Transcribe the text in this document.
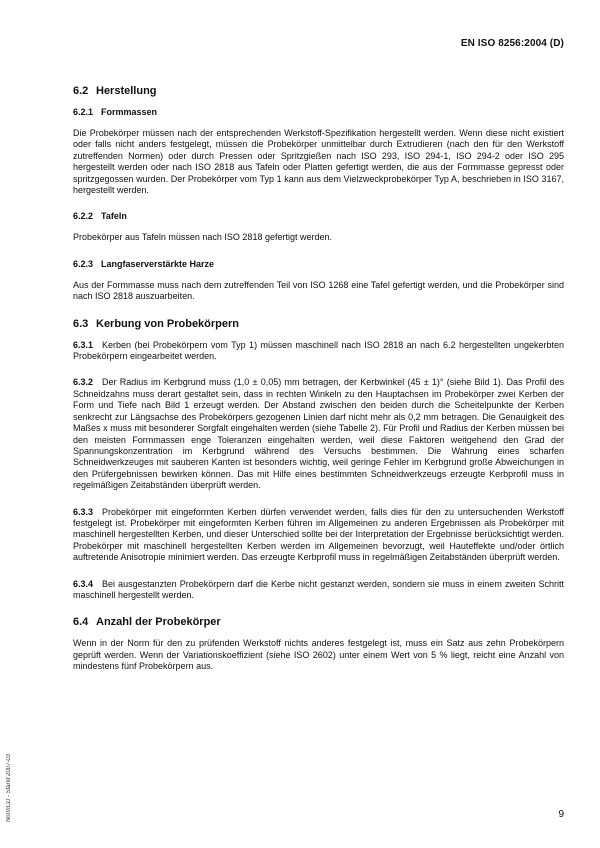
EN ISO 8256:2004 (D)
6.2 Herstellung
6.2.1 Formmassen

Die Probekörper müssen nach der entsprechenden Werkstoff-Spezifikation hergestellt werden. Wenn diese nicht existiert oder falls nicht anders festgelegt, müssen die Probekörper unmittelbar durch Extrudieren (nach den für den Werkstoff zutreffenden Normen) oder durch Pressen oder Spritzgießen nach ISO 293, ISO 294-1, ISO 294-2 oder ISO 295 hergestellt werden oder nach ISO 2818 aus Tafeln oder Platten gefertigt werden, die aus der Formmasse gepresst oder spritzgegossen wurden. Der Probekörper vom Typ 1 kann aus dem Vielzweckprobekörper Typ A, beschrieben in ISO 3167, hergestellt werden.

6.2.2 Tafeln

Probekörper aus Tafeln müssen nach ISO 2818 gefertigt werden.

6.2.3 Langfaserverstärkte Harze

Aus der Formmasse muss nach dem zutreffenden Teil von ISO 1268 eine Tafel gefertigt werden, und die Probekörper sind nach ISO 2818 auszuarbeiten.

6.3 Kerbung von Probekörpern

6.3.1 Kerben (bei Probekörpern vom Typ 1) müssen maschinell nach ISO 2818 an nach 6.2 hergestellten ungekerbten Probekörpern eingearbeitet werden.

6.3.2 Der Radius im Kerbgrund muss (1,0 ± 0,05) mm betragen, der Kerbwinkel (45 ± 1)° (siehe Bild 1). Das Profil des Schneidzahns muss derart gestaltet sein, dass in rechten Winkeln zu den Hauptachsen im Probekörper zwei Kerben der Form und Tiefe nach Bild 1 erzeugt werden. Der Abstand zwischen den beiden durch die Scheitelpunkte der Kerben senkrecht zur Längsachse des Probekörpers gezogenen Linien darf nicht mehr als 0,2 mm betragen. Die Genauigkeit des Maßes x muss mit besonderer Sorgfalt eingehalten werden (siehe Tabelle 2). Für Profil und Radius der Kerben müssen bei den meisten Formmassen enge Toleranzen eingehalten werden, weil diese Faktoren weitgehend den Grad der Spannungskonzentration im Kerbgrund während des Versuchs bestimmen. Die Wahrung eines scharfen Schneidwerkzeuges mit sauberen Kanten ist besonders wichtig, weil geringe Fehler im Kerbgrund große Abweichungen in den Prüfergebnissen bewirken können. Das mit Hilfe eines bestimmten Schneidwerkzeugs erzeugte Kerbprofil muss in regelmäßigen Zeitabständen überprüft werden.

6.3.3 Probekörper mit eingeformten Kerben dürfen verwendet werden, falls dies für den zu untersuchenden Werkstoff festgelegt ist. Probekörper mit eingeformten Kerben führen im Allgemeinen zu anderen Ergebnissen als Probekörper mit maschinell hergestellten Kerben, und dieser Unterschied sollte bei der Interpretation der Ergebnisse berücksichtigt werden. Probekörper mit maschinell hergestellten Kerben werden im Allgemeinen bevorzugt, weil Hauteffekte und/oder örtlich auftretende Anisotropie minimiert werden. Das erzeugte Kerbprofil muss in regelmäßigen Zeitabständen überprüft werden.

6.3.4 Bei ausgestanzten Probekörpern darf die Kerbe nicht gestanzt werden, sondern sie muss in einem zweiten Schritt maschinell hergestellt werden.

6.4 Anzahl der Probekörper

Wenn in der Norm für den zu prüfenden Werkstoff nichts anderes festgelegt ist, muss ein Satz aus zehn Probekörpern geprüft werden. Wenn der Variationskoeffizient (siehe ISO 2602) unter einem Wert von 5 % liegt, reicht eine Anzahl von mindestens fünf Probekörpern aus.

NormCD - Stand 2007-03	9
